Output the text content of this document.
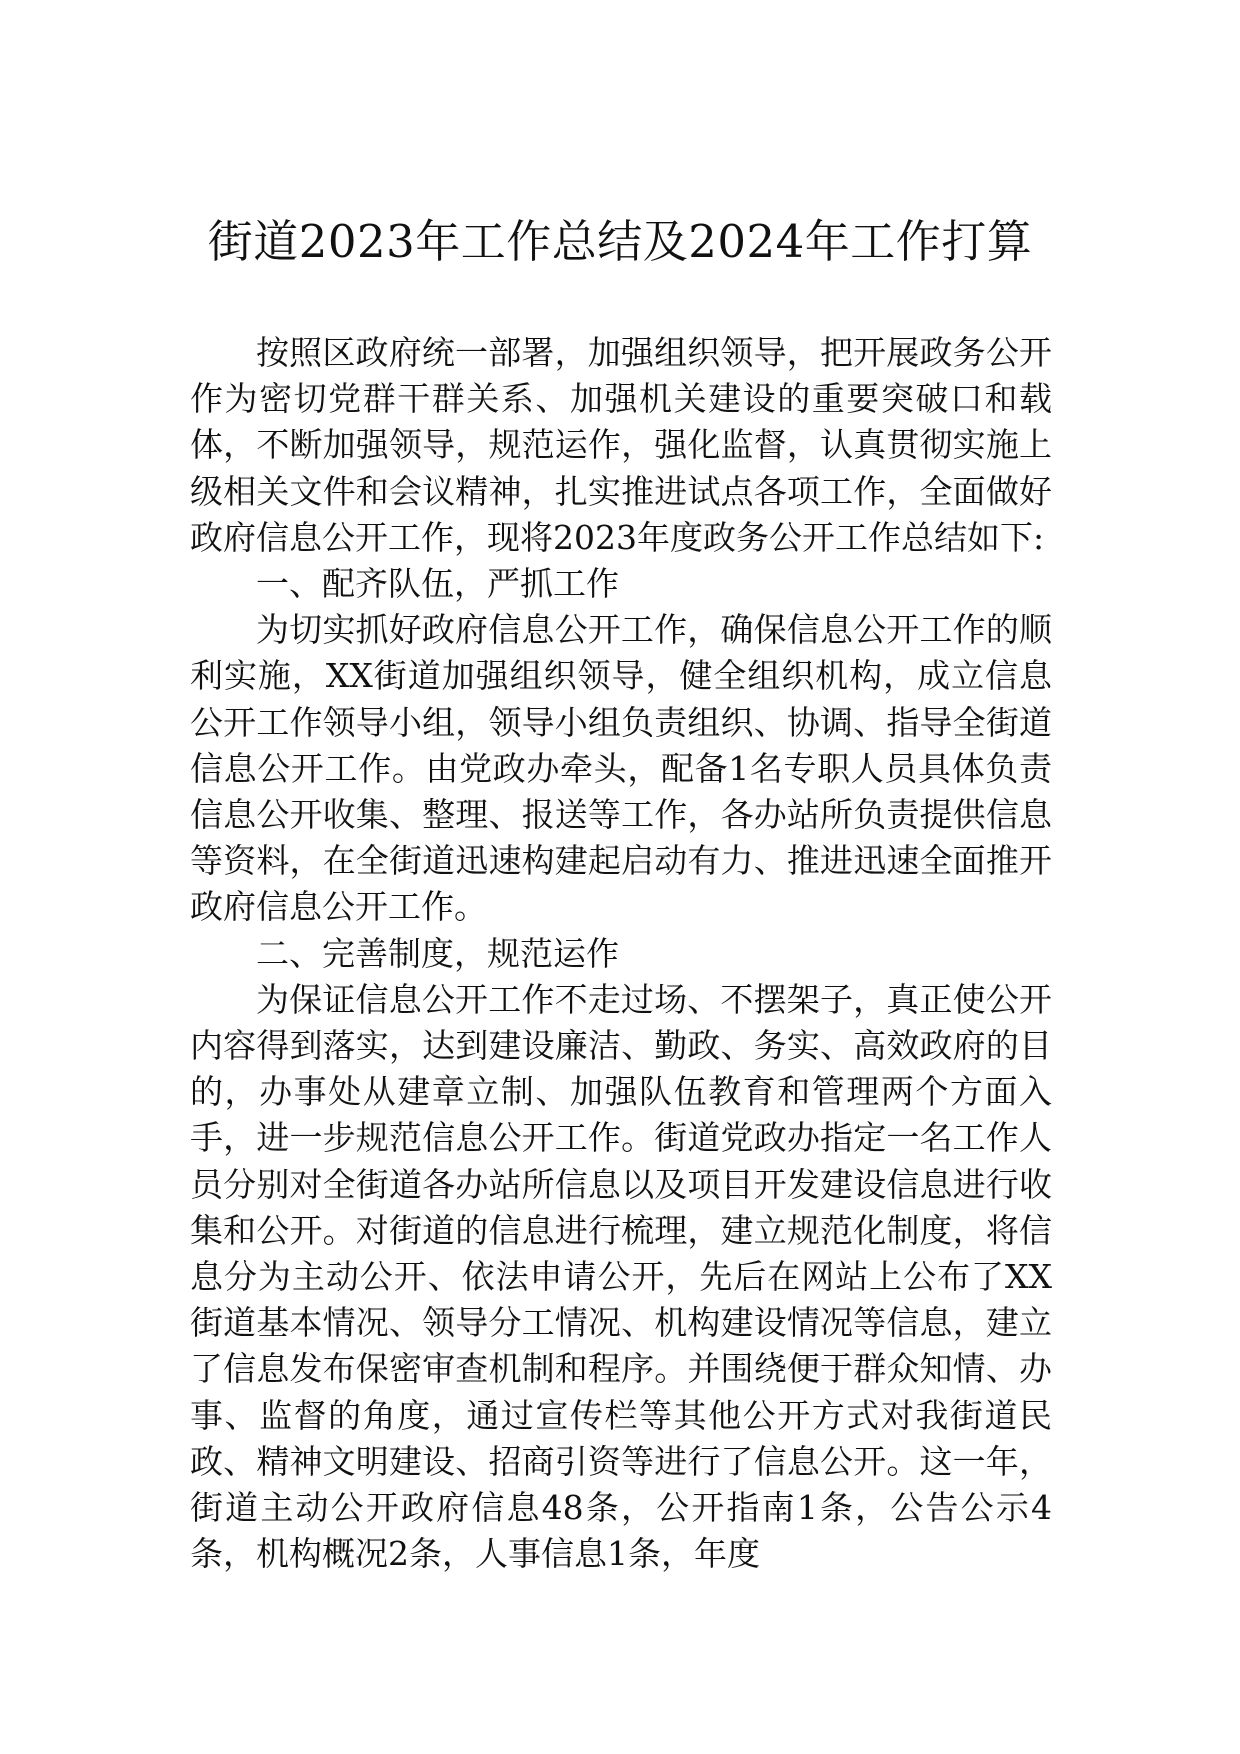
街道2023年工作总结及2024年工作打算

按照区政府统一部署，加强组织领导，把开展政务公开作为密切党群干群关系、加强机关建设的重要突破口和载体，不断加强领导，规范运作，强化监督，认真贯彻实施上级相关文件和会议精神，扎实推进试点各项工作，全面做好政府信息公开工作，现将2023年度政务公开工作总结如下:

一、配齐队伍，严抓工作

为切实抓好政府信息公开工作，确保信息公开工作的顺利实施，XX街道加强组织领导，健全组织机构，成立信息公开工作领导小组，领导小组负责组织、协调、指导全街道信息公开工作。由党政办牵头，配备1名专职人员具体负责信息公开收集、整理、报送等工作，各办站所负责提供信息等资料，在全街道迅速构建起启动有力、推进迅速全面推开政府信息公开工作。

二、完善制度，规范运作

为保证信息公开工作不走过场、不摆架子，真正使公开内容得到落实，达到建设廉洁、勤政、务实、高效政府的目的，办事处从建章立制、加强队伍教育和管理两个方面入手，进一步规范信息公开工作。街道党政办指定一名工作人员分别对全街道各办站所信息以及项目开发建设信息进行收集和公开。对街道的信息进行梳理，建立规范化制度，将信息分为主动公开、依法申请公开，先后在网站上公布了XX街道基本情况、领导分工情况、机构建设情况等信息，建立了信息发布保密审查机制和程序。并围绕便于群众知情、办事、监督的角度，通过宣传栏等其他公开方式对我街道民政、精神文明建设、招商引资等进行了信息公开。这一年，街道主动公开政府信息48条，公开指南1条，公告公示4条，机构概况2条，人事信息1条，年度
